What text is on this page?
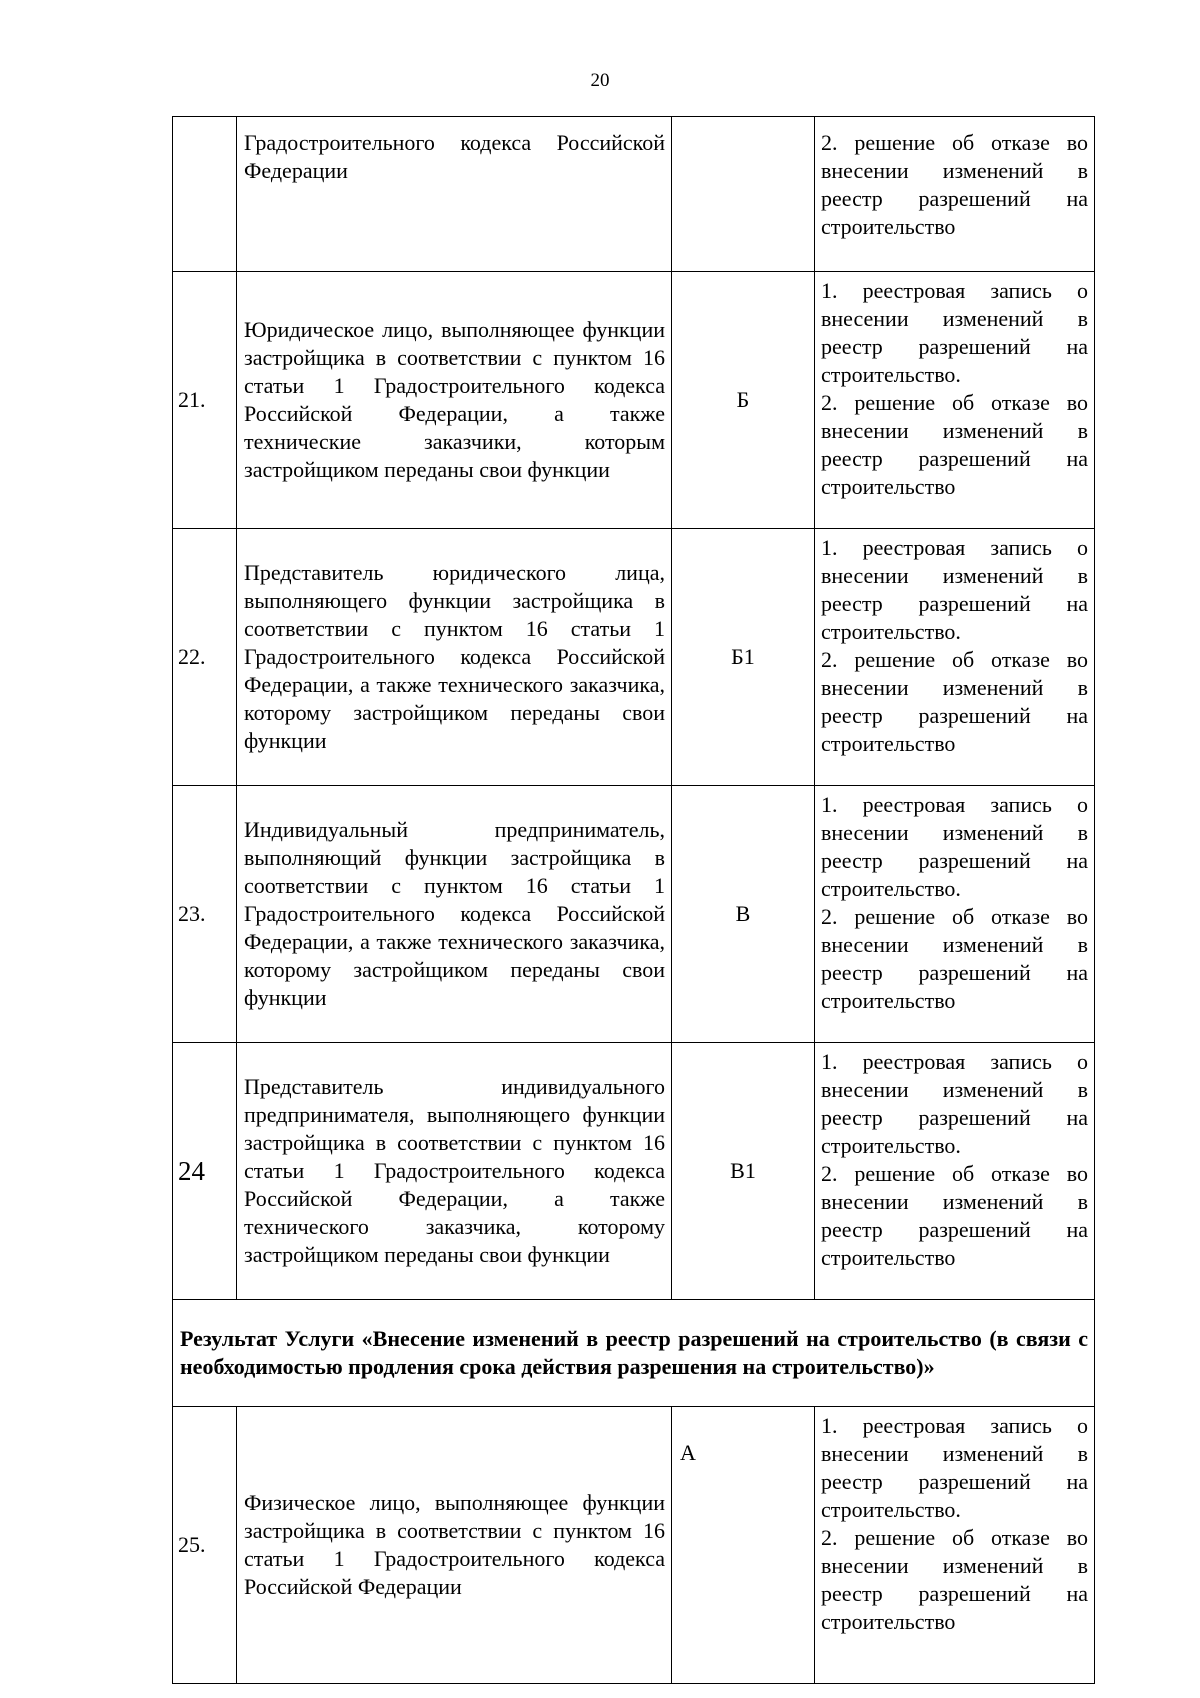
20

	Градостроительного кодекса Российской Федерации		2. решение об отказе во внесении изменений в реестр разрешений на строительство

21.	Юридическое лицо, выполняющее функции застройщика в соответствии с пунктом 16 статьи 1 Градостроительного кодекса Российской Федерации, а также технические заказчики, которым застройщиком переданы свои функции	Б	1. реестровая запись о внесении изменений в реестр разрешений на строительство.
2. решение об отказе во внесении изменений в реестр разрешений на строительство

22.	Представитель юридического лица, выполняющего функции застройщика в соответствии с пунктом 16 статьи 1 Градостроительного кодекса Российской Федерации, а также технического заказчика, которому застройщиком переданы свои функции	Б1	1. реестровая запись о внесении изменений в реестр разрешений на строительство.
2. решение об отказе во внесении изменений в реестр разрешений на строительство

23.	Индивидуальный предприниматель, выполняющий функции застройщика в соответствии с пунктом 16 статьи 1 Градостроительного кодекса Российской Федерации, а также технического заказчика, которому застройщиком переданы свои функции	В	1. реестровая запись о внесении изменений в реестр разрешений на строительство.
2. решение об отказе во внесении изменений в реестр разрешений на строительство

24	Представитель индивидуального предпринимателя, выполняющего функции застройщика в соответствии с пунктом 16 статьи 1 Градостроительного кодекса Российской Федерации, а также технического заказчика, которому застройщиком переданы свои функции	В1	1. реестровая запись о внесении изменений в реестр разрешений на строительство.
2. решение об отказе во внесении изменений в реестр разрешений на строительство

Результат Услуги «Внесение изменений в реестр разрешений на строительство (в связи с необходимостью продления срока действия разрешения на строительство)»			
25.	Физическое лицо, выполняющее функции застройщика в соответствии с пунктом 16 статьи 1 Градостроительного кодекса Российской Федерации	А	1. реестровая запись о внесении изменений в реестр разрешений на строительство.
2. решение об отказе во внесении изменений в реестр разрешений на строительство
